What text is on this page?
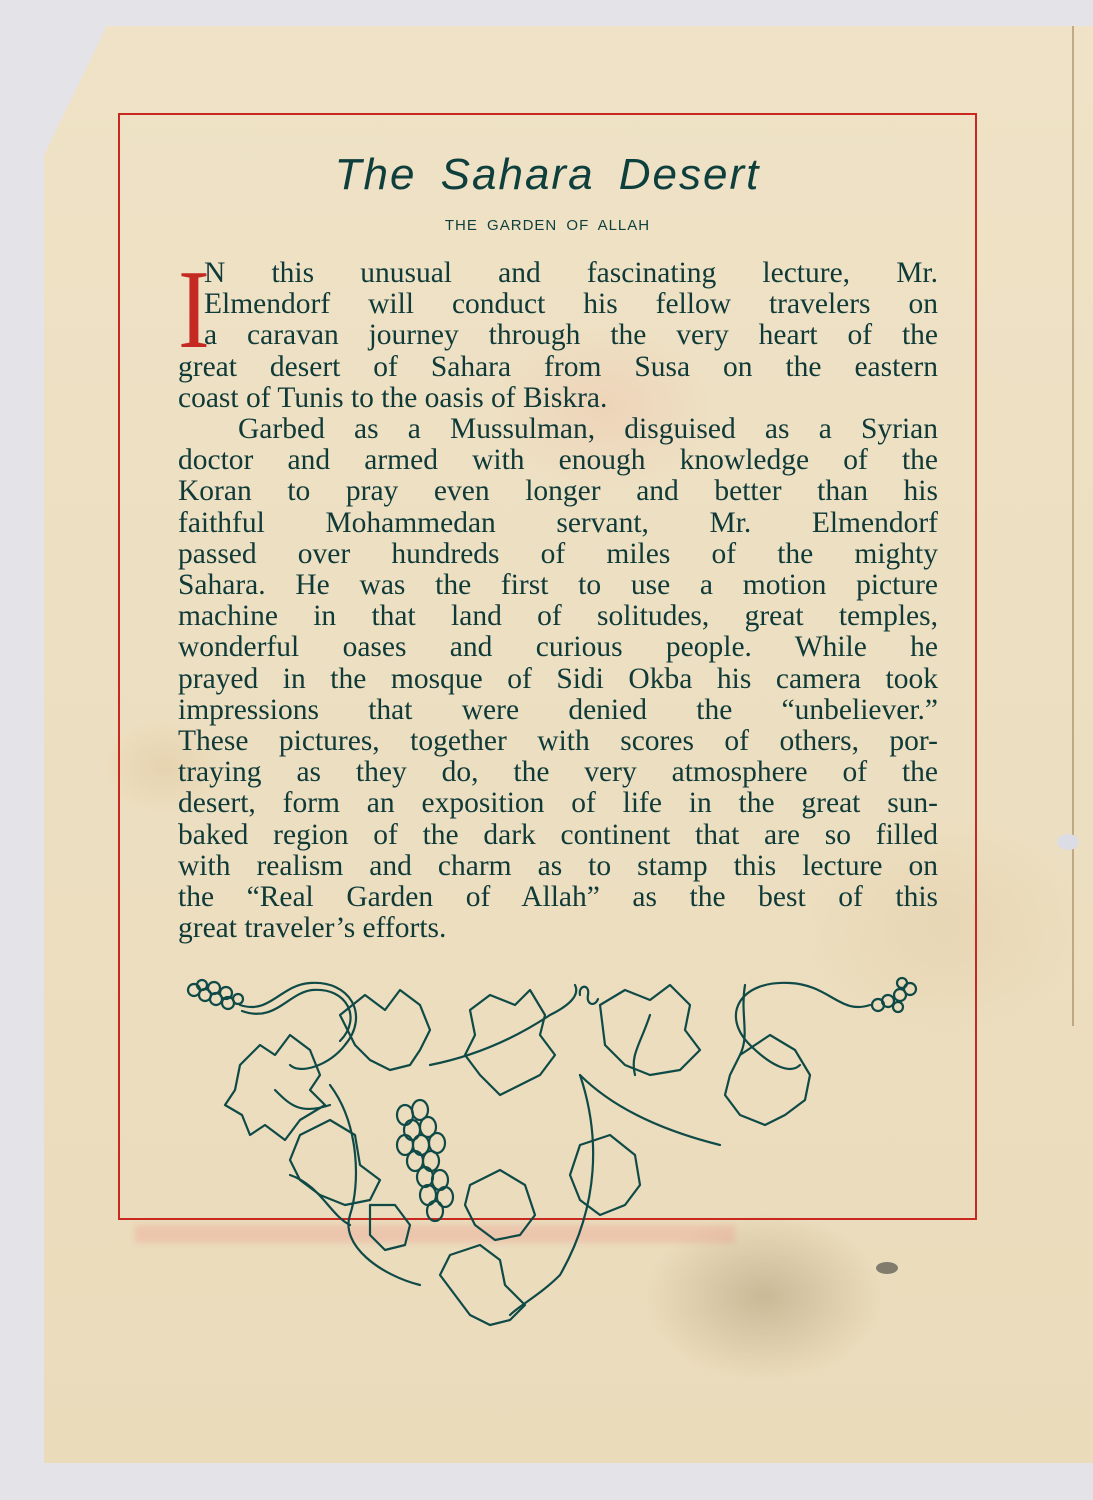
The Sahara Desert
THE GARDEN OF ALLAH
I
N this unusual and fascinating lecture, Mr.
Elmendorf will conduct his fellow travelers on
a caravan journey through the very heart of the
great desert of Sahara from Susa on the eastern
coast of Tunis to the oasis of Biskra.
Garbed as a Mussulman, disguised as a Syrian
doctor and armed with enough knowledge of the
Koran to pray even longer and better than his
faithful Mohammedan servant, Mr. Elmendorf
passed over hundreds of miles of the mighty
Sahara. He was the first to use a motion picture
machine in that land of solitudes, great temples,
wonderful oases and curious people. While he
prayed in the mosque of Sidi Okba his camera took
impressions that were denied the “unbeliever.”
These pictures, together with scores of others, por-
traying as they do, the very atmosphere of the
desert, form an exposition of life in the great sun-
baked region of the dark continent that are so filled
with realism and charm as to stamp this lecture on
the “Real Garden of Allah” as the best of this
great traveler’s efforts.
